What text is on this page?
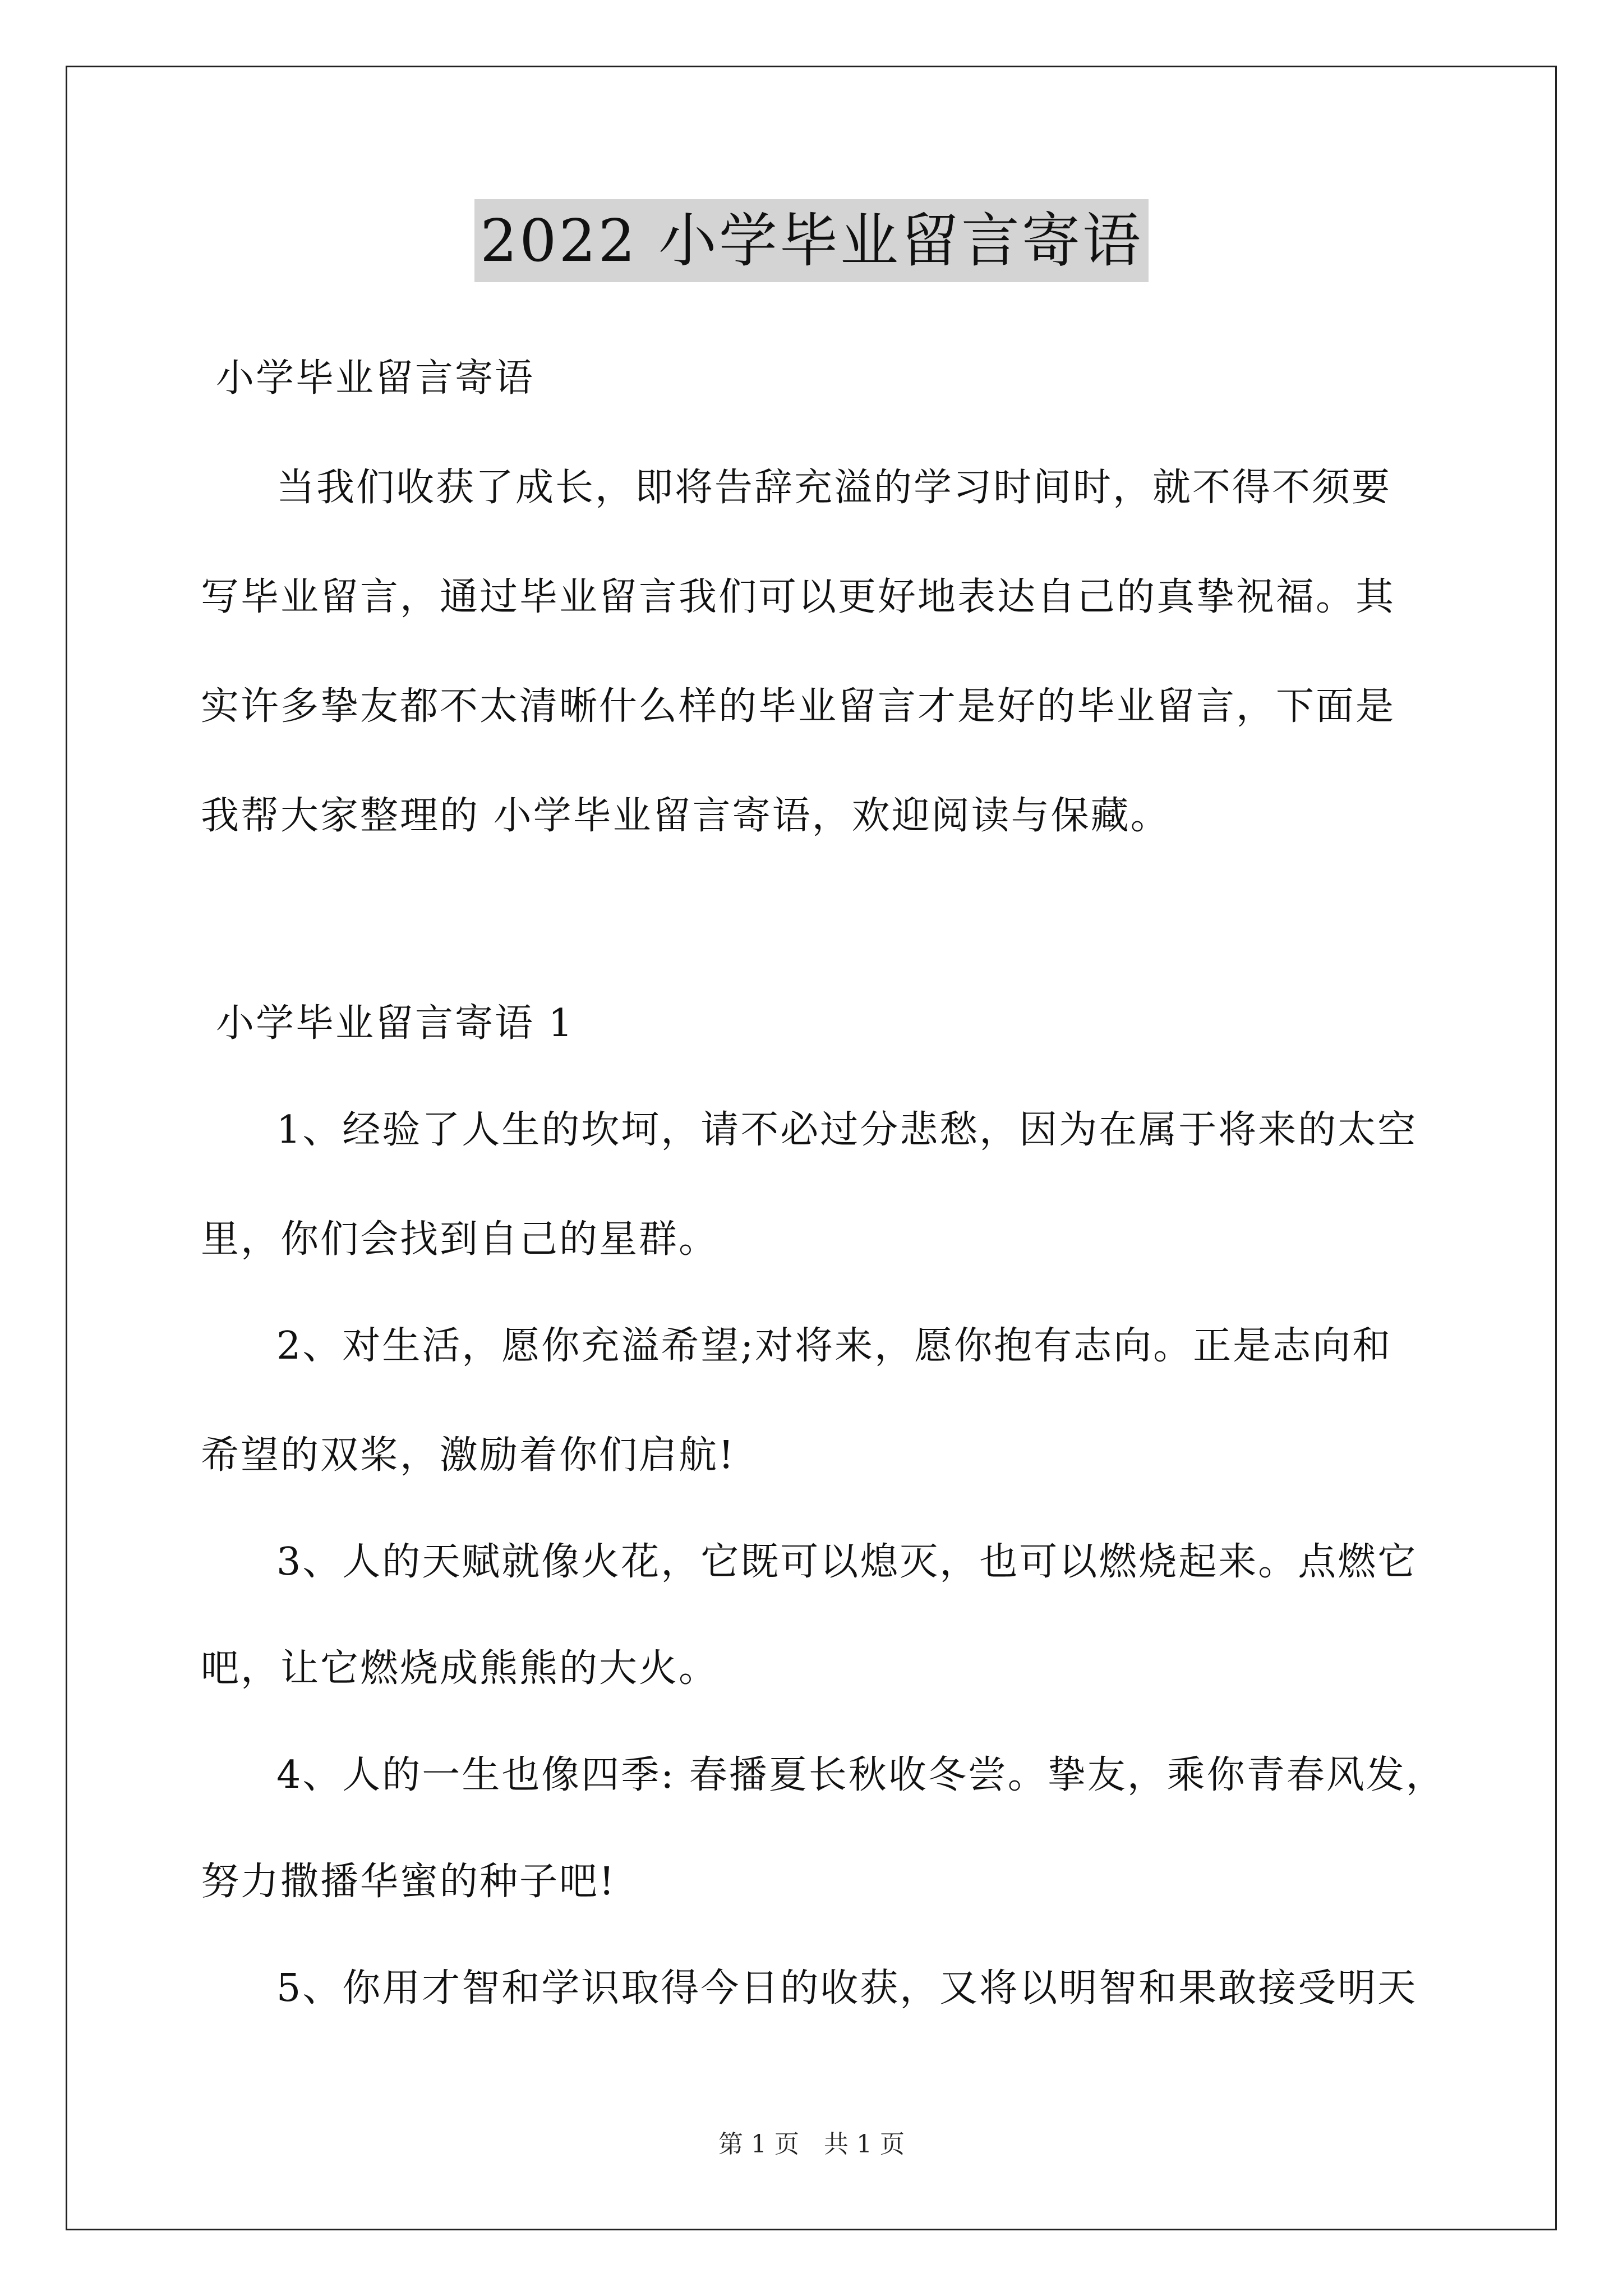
2022 小学毕业留言寄语
小学毕业留言寄语
当我们收获了成长，即将告辞充溢的学习时间时，就不得不须要
写毕业留言，通过毕业留言我们可以更好地表达自己的真挚祝福。其
实许多挚友都不太清晰什么样的毕业留言才是好的毕业留言，下面是
我帮大家整理的 小学毕业留言寄语，欢迎阅读与保藏。
小学毕业留言寄语 1
1、经验了人生的坎坷，请不必过分悲愁，因为在属于将来的太空
里，你们会找到自己的星群。
2、对生活，愿你充溢希望;对将来，愿你抱有志向。正是志向和
希望的双桨，激励着你们启航!
3、人的天赋就像火花，它既可以熄灭，也可以燃烧起来。点燃它
吧，让它燃烧成熊熊的大火。
4、人的一生也像四季: 春播夏长秋收冬尝。挚友，乘你青春风发，
努力撒播华蜜的种子吧!
5、你用才智和学识取得今日的收获，又将以明智和果敢接受明天
第 1 页　共 1 页
